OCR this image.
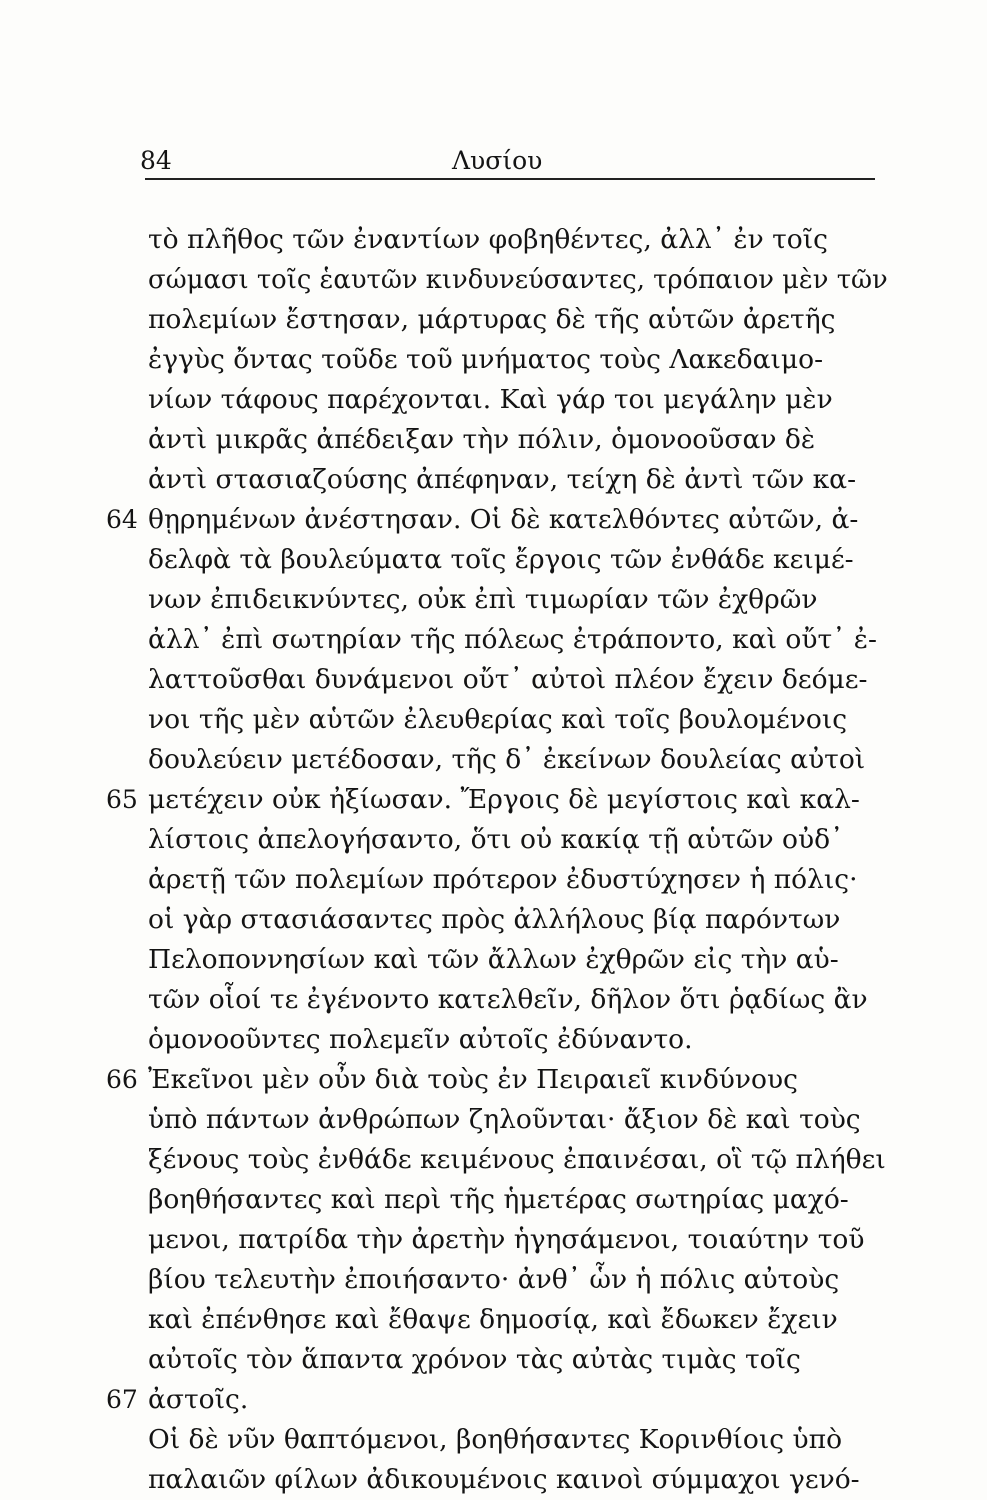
84	Λυσίου
τὸ πλῆθος τῶν ἐναντίων φοβηθέντες, ἀλλ᾽ ἐν τοῖς
σώμασι τοῖς ἑαυτῶν κινδυνεύσαντες, τρόπαιον μὲν τῶν
πολεμίων ἔστησαν, μάρτυρας δὲ τῆς αὑτῶν ἀρετῆς
ἐγγὺς ὄντας τοῦδε τοῦ μνήματος τοὺς Λακεδαιμο-
νίων τάφους παρέχονται. Καὶ γάρ τοι μεγάλην μὲν
ἀντὶ μικρᾶς ἀπέδειξαν τὴν πόλιν, ὁμονοοῦσαν δὲ
ἀντὶ στασιαζούσης ἀπέφηναν, τείχη δὲ ἀντὶ τῶν κα-
θῃρημένων ἀνέστησαν. Οἱ δὲ κατελθόντες αὐτῶν, ἀ-
δελφὰ τὰ βουλεύματα τοῖς ἔργοις τῶν ἐνθάδε κειμέ-
νων ἐπιδεικνύντες, οὐκ ἐπὶ τιμωρίαν τῶν ἐχθρῶν
ἀλλ᾽ ἐπὶ σωτηρίαν τῆς πόλεως ἐτράποντο, καὶ οὔτ᾽ ἐ-
λαττοῦσθαι δυνάμενοι οὔτ᾽ αὐτοὶ πλέον ἔχειν δεόμε-
νοι τῆς μὲν αὑτῶν ἐλευθερίας καὶ τοῖς βουλομένοις
δουλεύειν μετέδοσαν, τῆς δ᾽ ἐκείνων δουλείας αὐτοὶ
μετέχειν οὐκ ἠξίωσαν. Ἔργοις δὲ μεγίστοις καὶ καλ-
λίστοις ἀπελογήσαντο, ὅτι οὐ κακίᾳ τῇ αὑτῶν οὐδ᾽
ἀρετῇ τῶν πολεμίων πρότερον ἐδυστύχησεν ἡ πόλις·
οἱ γὰρ στασιάσαντες πρὸς ἀλλήλους βίᾳ παρόντων
Πελοποννησίων καὶ τῶν ἄλλων ἐχθρῶν εἰς τὴν αὑ-
τῶν οἷοί τε ἐγένοντο κατελθεῖν, δῆλον ὅτι ῥᾳδίως ἂν
ὁμονοοῦντες πολεμεῖν αὐτοῖς ἐδύναντο.
Ἐκεῖνοι μὲν οὖν διὰ τοὺς ἐν Πειραιεῖ κινδύνους
ὑπὸ πάντων ἀνθρώπων ζηλοῦνται· ἄξιον δὲ καὶ τοὺς
ξένους τοὺς ἐνθάδε κειμένους ἐπαινέσαι, οἳ τῷ πλήθει
βοηθήσαντες καὶ περὶ τῆς ἡμετέρας σωτηρίας μαχό-
μενοι, πατρίδα τὴν ἀρετὴν ἡγησάμενοι, τοιαύτην τοῦ
βίου τελευτὴν ἐποιήσαντο· ἀνθ᾽ ὧν ἡ πόλις αὐτοὺς
καὶ ἐπένθησε καὶ ἔθαψε δημοσίᾳ, καὶ ἔδωκεν ἔχειν
αὐτοῖς τὸν ἅπαντα χρόνον τὰς αὐτὰς τιμὰς τοῖς
ἀστοῖς.
Οἱ δὲ νῦν θαπτόμενοι, βοηθήσαντες Κορινθίοις ὑπὸ
παλαιῶν φίλων ἀδικουμένοις καινοὶ σύμμαχοι γενό-
64
65
66
67
